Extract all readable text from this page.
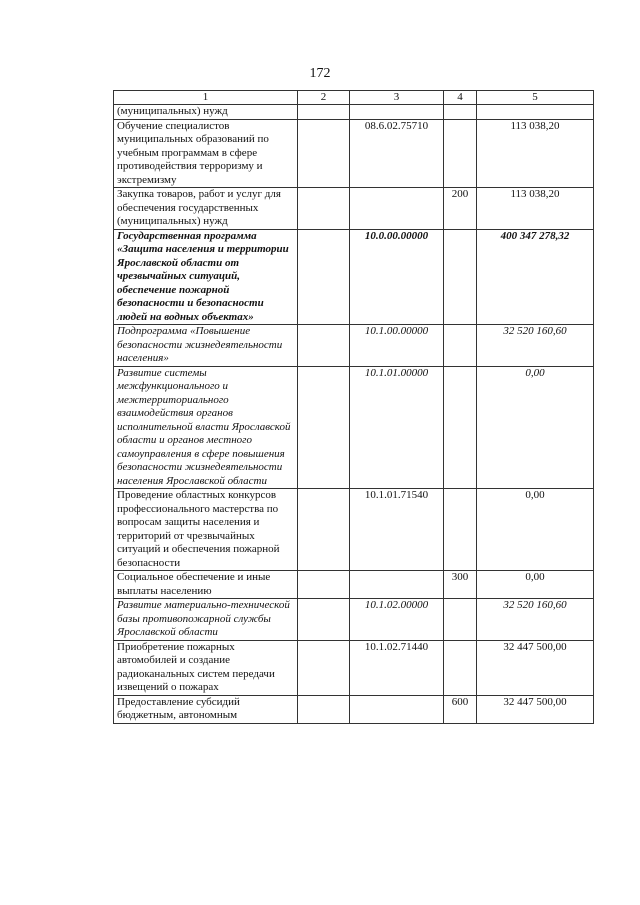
172
1	2	3	4	5
(муниципальных) нужд				
Обучение специалистов муниципальных образований по учебным программам в сфере противодействия терроризму и экстремизму		08.6.02.75710		113 038,20
Закупка товаров, работ и услуг для обеспечения государственных (муниципальных) нужд			200	113 038,20
Государственная программа «Защита населения и территории Ярославской области от чрезвычайных ситуаций, обеспечение пожарной безопасности и безопасности людей на водных объектах»		10.0.00.00000		400 347 278,32
Подпрограмма «Повышение безопасности жизнедеятельности населения»		10.1.00.00000		32 520 160,60
Развитие системы межфункционального и межтерриториального взаимодействия органов исполнительной власти Ярославской области и органов местного самоуправления в сфере повышения безопасности жизнедеятельности населения Ярославской области		10.1.01.00000		0,00
Проведение областных конкурсов профессионального мастерства по вопросам защиты населения и территорий от чрезвычайных ситуаций и обеспечения пожарной безопасности		10.1.01.71540		0,00
Социальное обеспечение и иные выплаты населению			300	0,00
Развитие материально-технической базы противопожарной службы Ярославской области		10.1.02.00000		32 520 160,60
Приобретение пожарных автомобилей и создание радиоканальных систем передачи извещений о пожарах		10.1.02.71440		32 447 500,00
Предоставление субсидий бюджетным, автономным			600	32 447 500,00
